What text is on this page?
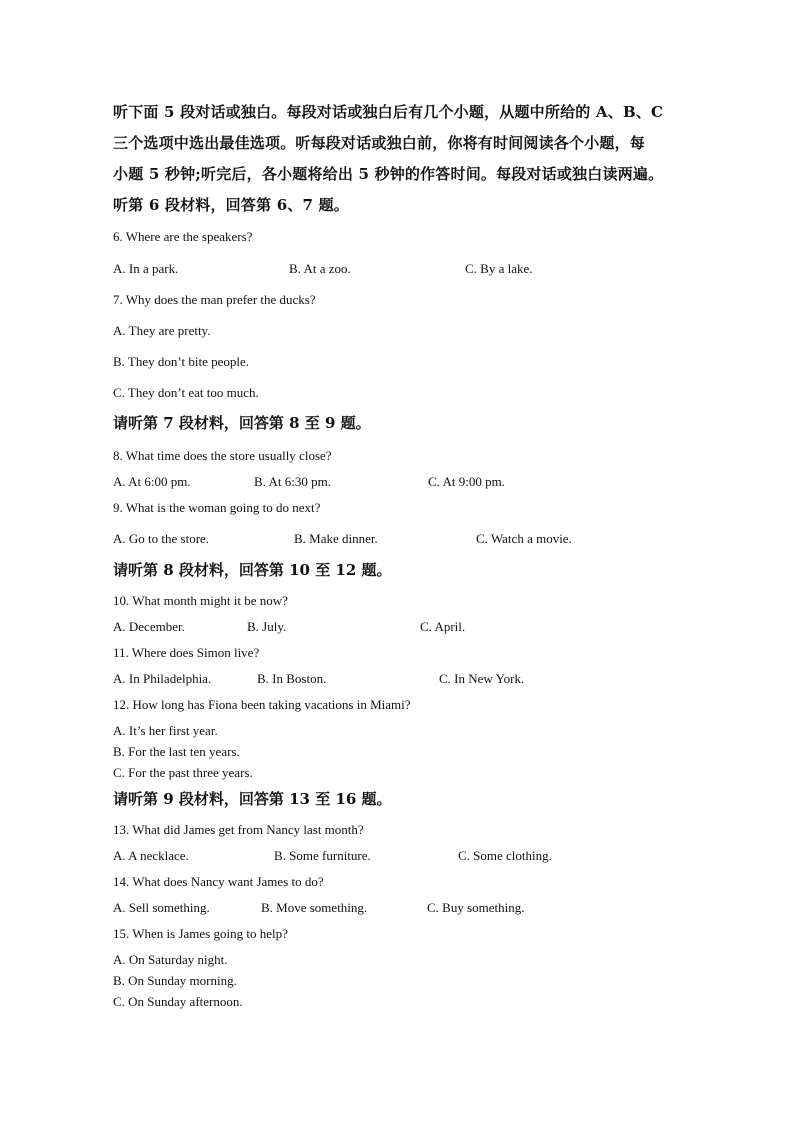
听下面 5 段对话或独白。每段对话或独白后有几个小题，从题中所给的 A、B、C
三个选项中选出最佳选项。听每段对话或独白前，你将有时间阅读各个小题，每
小题 5 秒钟;听完后，各小题将给出 5 秒钟的作答时间。每段对话或独白读两遍。
听第 6 段材料，回答第 6、7 题。
6. Where are the speakers?
A. In a park.	B. At a zoo.	C. By a lake.
7. Why does the man prefer the ducks?
A. They are pretty.
B. They don’t bite people.
C. They don’t eat too much.
请听第 7 段材料，回答第 8 至 9 题。
8. What time does the store usually close?
A. At 6:00 pm.	B. At 6:30 pm.	C. At 9:00 pm.
9. What is the woman going to do next?
A. Go to the store.	B. Make dinner.	C. Watch a movie.
请听第 8 段材料，回答第 10 至 12 题。
10. What month might it be now?
A. December.	B. July.	C. April.
11. Where does Simon live?
A. In Philadelphia.	B. In Boston.	C. In New York.
12. How long has Fiona been taking vacations in Miami?
A. It’s her first year.
B. For the last ten years.
C. For the past three years.
请听第 9 段材料，回答第 13 至 16 题。
13. What did James get from Nancy last month?
A. A necklace.	B. Some furniture.	C. Some clothing.
14. What does Nancy want James to do?
A. Sell something.	B. Move something.	C. Buy something.
15. When is James going to help?
A. On Saturday night.
B. On Sunday morning.
C. On Sunday afternoon.
